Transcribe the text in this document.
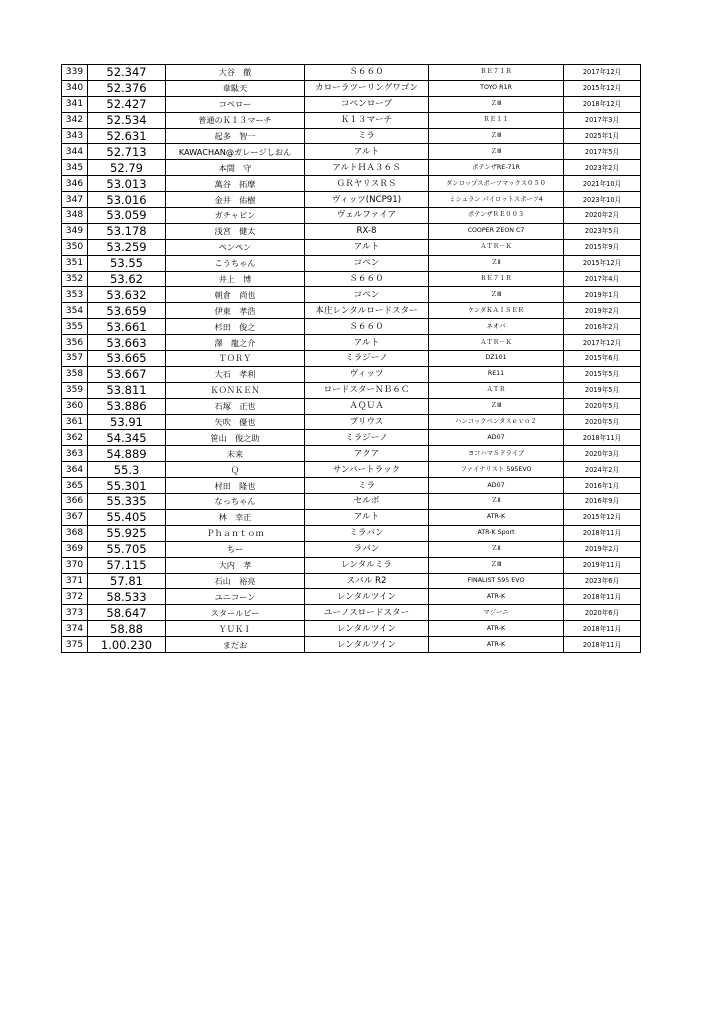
339	52.347	大谷　徹	Ｓ６６０	ＲＥ７１Ｒ	2017年12月
340	52.376	韋駄天	カローラツーリングワゴン	TOYO R1R	2015年12月
341	52.427	コペロー	コペンローブ	ＺⅢ	2018年12月
342	52.534	普通のＫ１３マーチ	Ｋ１３マーチ	ＲＥ１１	2017年3月
343	52.631	起多　智一	ミラ	ＺⅢ	2025年1月
344	52.713	KAWACHAN@ガレージしおん	アルト	ＺⅢ	2017年5月
345	52.79	本間　守	アルトＨＡ３６Ｓ	ポテンザRE-71R	2023年2月
346	53.013	萬谷　拓摩	ＧＲヤリスＲＳ	ダンロップスポーツマックス０５０	2021年10月
347	53.016	金井　佑樹	ヴィッツ(NCP91)	ミシュラン パイロットスポーツ4	2023年10月
348	53.059	ガチャピン	ヴェルファイア	ポテンザＲＥ００３	2020年2月
349	53.178	浅宮　健太	RX-8	COOPER ZEON C7	2023年5月
350	53.259	ペンペン	アルト	ＡＴＲ－Ｋ	2015年9月
351	53.55	こうちゃん	コペン	ＺⅡ	2015年12月
352	53.62	井上　博	Ｓ６６０	ＲＥ７１Ｒ	2017年4月
353	53.632	朝倉　尚也	コペン	ＺⅢ	2019年1月
354	53.659	伊東　孝浩	本庄レンタルロードスター	ケンダＫＡＩＳＥＲ	2019年2月
355	53.661	杉田　俊之	Ｓ６６０	ネオバ	2016年2月
356	53.663	澤　龍之介	アルト	ＡＴＲ－Ｋ	2017年12月
357	53.665	ＴＯＲＹ	ミラジーノ	DZ101	2015年6月
358	53.667	大石　孝利	ヴィッツ	RE11	2015年5月
359	53.811	ＫＯＮＫＥＮ	ロードスターＮＢ６Ｃ	ＡＴＲ	2019年5月
360	53.886	石塚　正也	ＡＱＵＡ	ＺⅢ	2020年5月
361	53.91	矢吹　優也	プリウス	ハンコックベンタスｅｖｏ２	2020年5月
362	54.345	笹山　俊之助	ミラジーノ	AD07	2018年11月
363	54.889	未来	アクア	ヨコハマＳドライブ	2020年3月
364	55.3	Ｑ	サンバートラック	ファイナリスト 595EVO	2024年2月
365	55.301	村田　隆也	ミラ	AD07	2016年1月
366	55.335	なっちゃん	セルボ	ＺⅡ	2016年9月
367	55.405	林　幸正	アルト	ATR-K	2015年12月
368	55.925	Ｐｈａｎｔｏｍ	ミラバン	ATR-K Sport	2018年11月
369	55.705	ちー	ラパン	ＺⅡ	2019年2月
370	57.115	大内　孝	レンタルミラ	ＺⅢ	2019年11月
371	57.81	石山　裕亮	スバル R2	FINALIST 595 EVO	2023年6月
372	58.533	ユニコーン	レンタルツイン	ATR-K	2018年11月
373	58.647	スタールビー	ユーノスロードスター	マジーニ	2020年6月
374	58.88	ＹＵＫＩ	レンタルツイン	ATR-K	2018年11月
375	1.00.230	まだお	レンタルツイン	ATR-K	2018年11月
